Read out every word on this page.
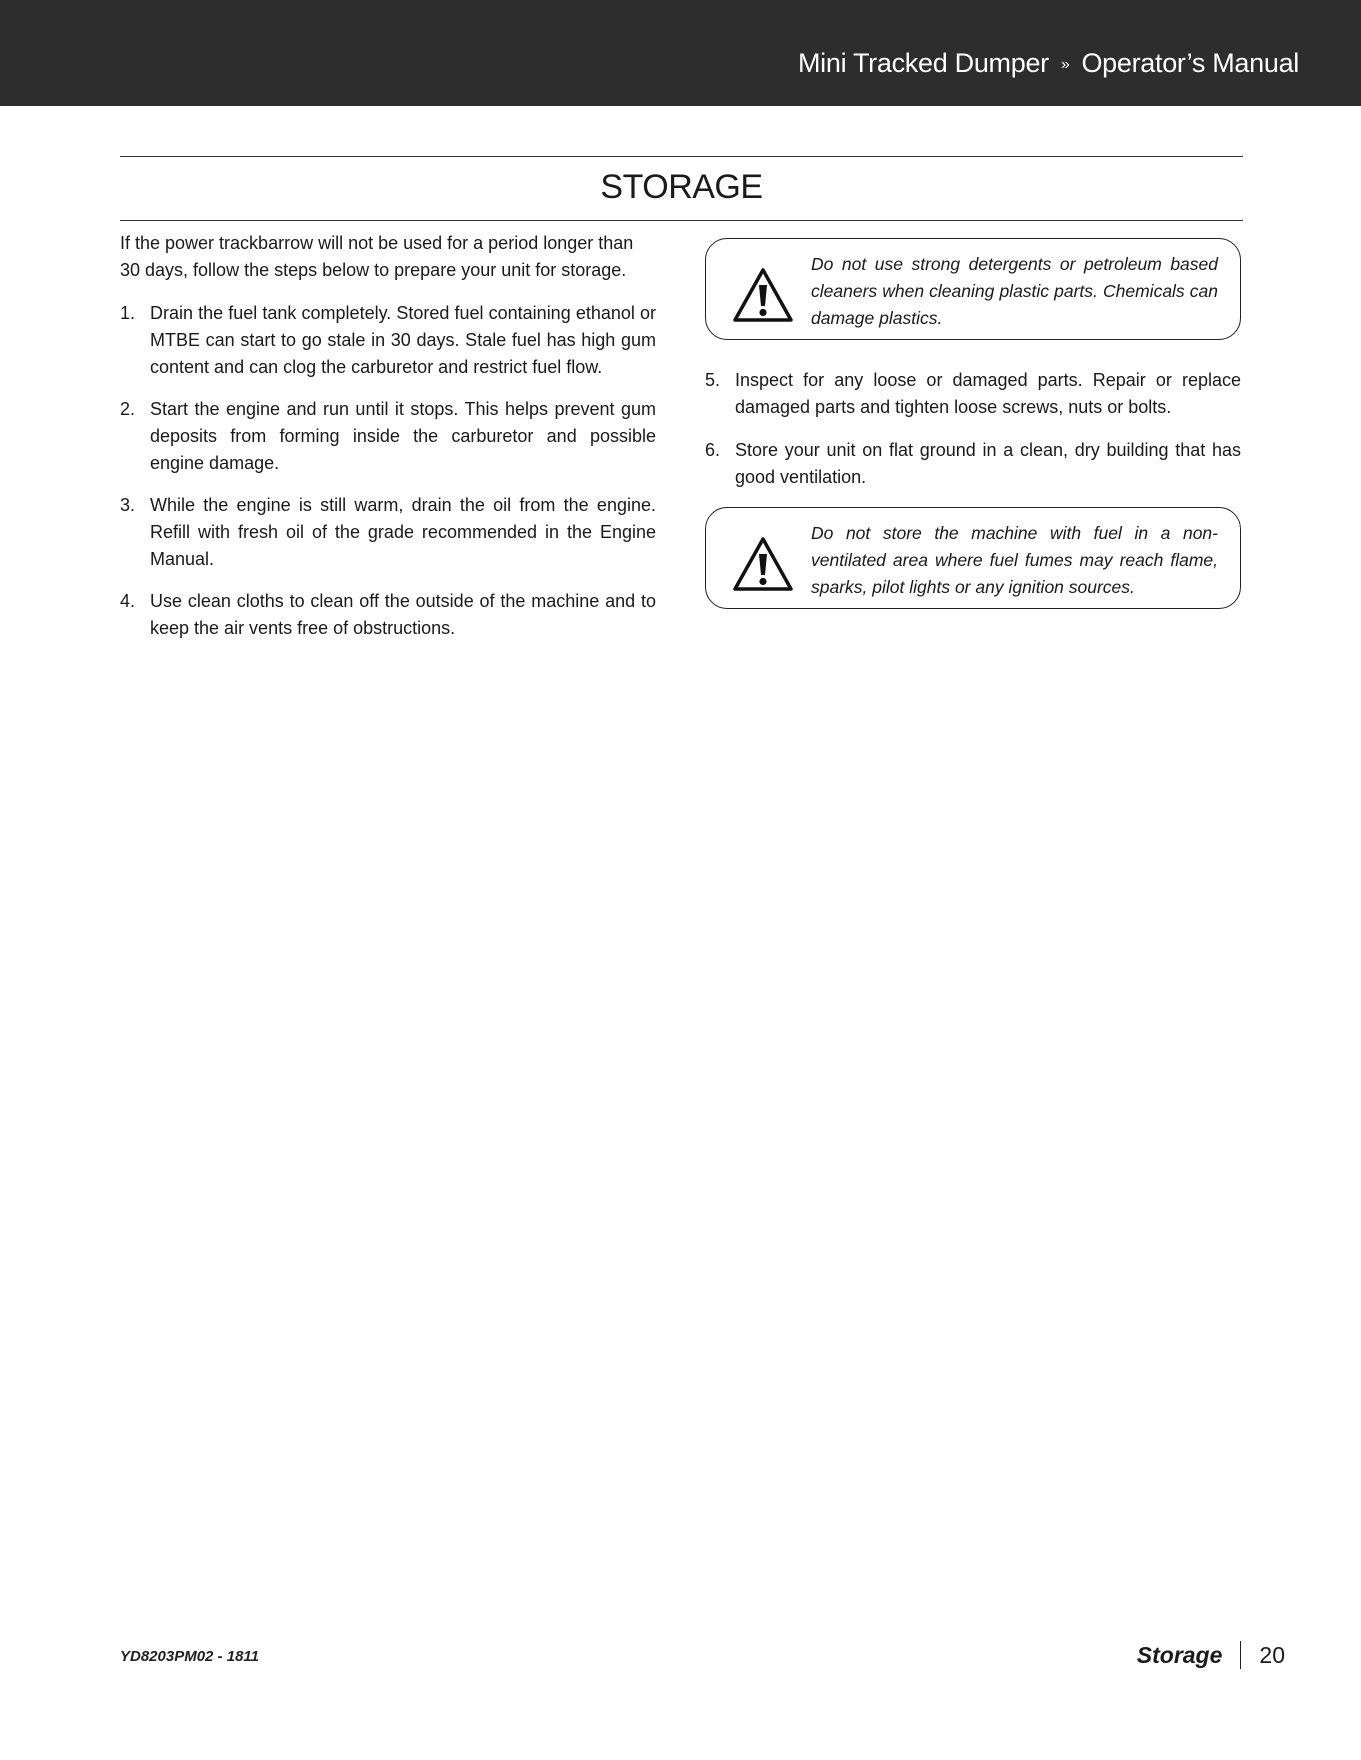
Mini Tracked Dumper » Operator’s Manual
STORAGE

If the power trackbarrow will not be used for a period longer than 30 days, follow the steps below to prepare your unit for storage.

1. Drain the fuel tank completely. Stored fuel containing ethanol or MTBE can start to go stale in 30 days. Stale fuel has high gum content and can clog the carburetor and restrict fuel flow.
2. Start the engine and run until it stops. This helps prevent gum deposits from forming inside the carburetor and possible engine damage.
3. While the engine is still warm, drain the oil from the engine. Refill with fresh oil of the grade recommended in the Engine Manual.
4. Use clean cloths to clean off the outside of the machine and to keep the air vents free of obstructions.
Do not use strong detergents or petroleum based cleaners when cleaning plastic parts. Chemicals can damage plastics.
5. Inspect for any loose or damaged parts. Repair or replace damaged parts and tighten loose screws, nuts or bolts.
6. Store your unit on flat ground in a clean, dry building that has good ventilation.
Do not store the machine with fuel in a non-ventilated area where fuel fumes may reach flame, sparks, pilot lights or any ignition sources.
YD8203PM02 - 1811	Storage 20
